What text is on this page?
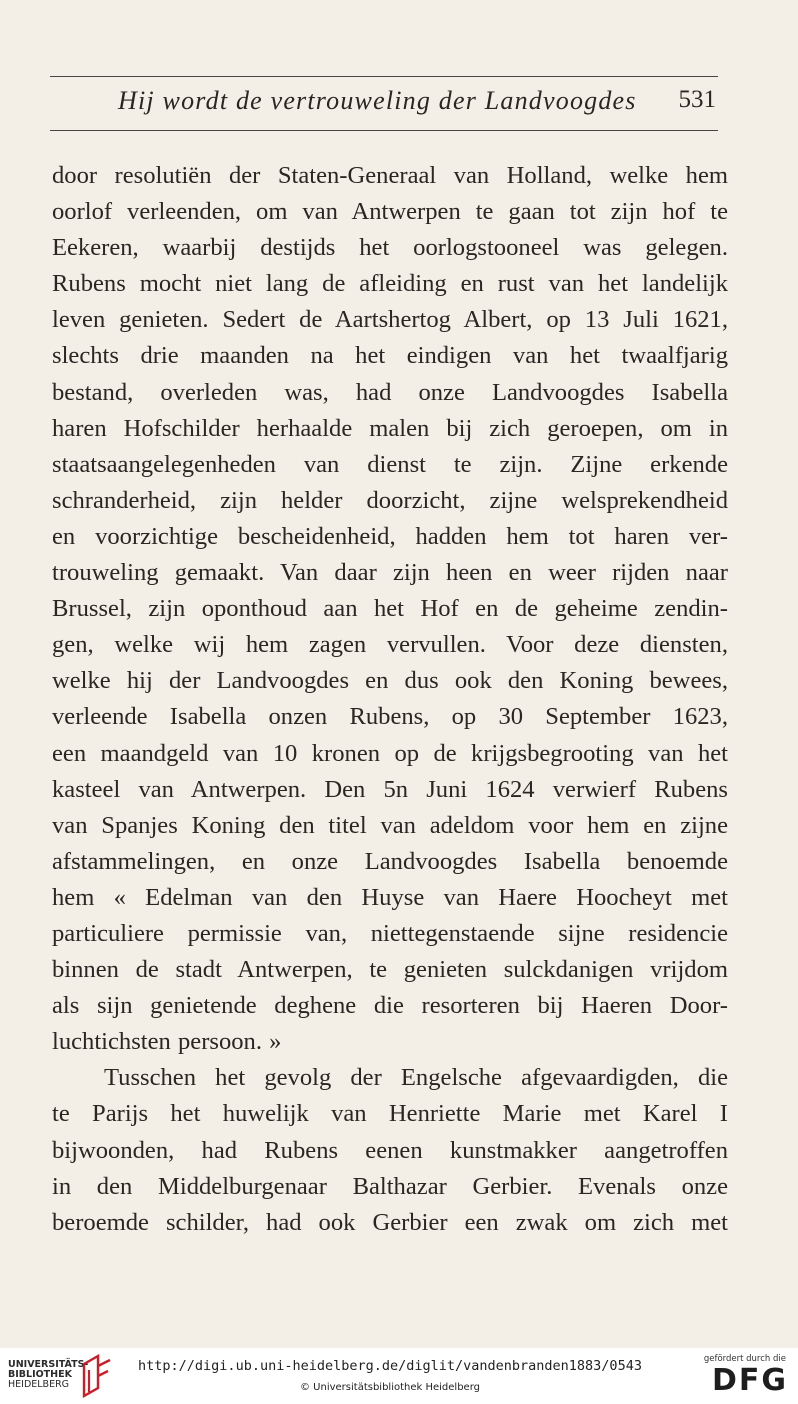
Hij wordt de vertrouweling der Landvoogdes 531
door resolutiën der Staten-Generaal van Holland, welke hem
oorlof verleenden, om van Antwerpen te gaan tot zijn hof te
Eekeren, waarbij destijds het oorlogstooneel was gelegen.
Rubens mocht niet lang de afleiding en rust van het landelijk
leven genieten. Sedert de Aartshertog Albert, op 13 Juli 1621,
slechts drie maanden na het eindigen van het twaalfjarig
bestand, overleden was, had onze Landvoogdes Isabella
haren Hofschilder herhaalde malen bij zich geroepen, om in
staatsaangelegenheden van dienst te zijn. Zijne erkende
schranderheid, zijn helder doorzicht, zijne welsprekendheid
en voorzichtige bescheidenheid, hadden hem tot haren ver-
trouweling gemaakt. Van daar zijn heen en weer rijden naar
Brussel, zijn oponthoud aan het Hof en de geheime zendin-
gen, welke wij hem zagen vervullen. Voor deze diensten,
welke hij der Landvoogdes en dus ook den Koning bewees,
verleende Isabella onzen Rubens, op 30 September 1623,
een maandgeld van 10 kronen op de krijgsbegrooting van het
kasteel van Antwerpen. Den 5n Juni 1624 verwierf Rubens
van Spanjes Koning den titel van adeldom voor hem en zijne
afstammelingen, en onze Landvoogdes Isabella benoemde
hem « Edelman van den Huyse van Haere Hoocheyt met
particuliere permissie van, niettegenstaende sijne residencie
binnen de stadt Antwerpen, te genieten sulckdanigen vrijdom
als sijn genietende deghene die resorteren bij Haeren Door-
luchtichsten persoon. »
Tusschen het gevolg der Engelsche afgevaardigden, die
te Parijs het huwelijk van Henriette Marie met Karel I
bijwoonden, had Rubens eenen kunstmakker aangetroffen
in den Middelburgenaar Balthazar Gerbier. Evenals onze
beroemde schilder, had ook Gerbier een zwak om zich met
UNIVERSITÄTS-
BIBLIOTHEK
HEIDELBERG
http://digi.ub.uni-heidelberg.de/diglit/vandenbranden1883/0543
© Universitätsbibliothek Heidelberg
gefördert durch die
DFG
